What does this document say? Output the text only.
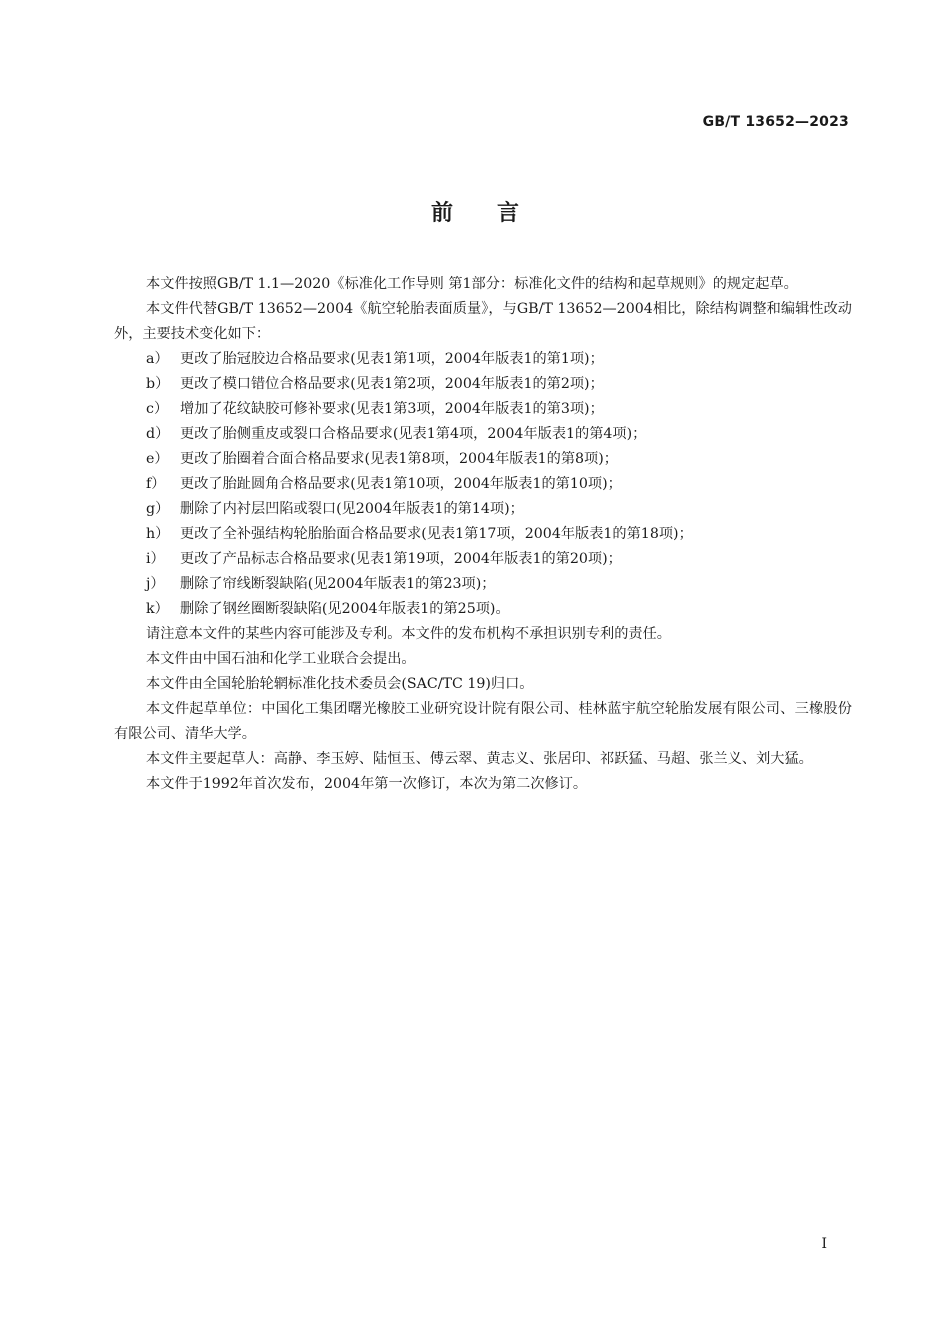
GB/T 13652—2023
前言

本文件按照GB/T 1.1—2020《标准化工作导则 第1部分：标准化文件的结构和起草规则》的规定起草。

本文件代替GB/T 13652—2004《航空轮胎表面质量》，与GB/T 13652—2004相比，除结构调整和编辑性改动外，主要技术变化如下：

a） 更改了胎冠胶边合格品要求(见表1第1项，2004年版表1的第1项)；

b） 更改了模口错位合格品要求(见表1第2项，2004年版表1的第2项)；

c） 增加了花纹缺胶可修补要求(见表1第3项，2004年版表1的第3项)；

d） 更改了胎侧重皮或裂口合格品要求(见表1第4项，2004年版表1的第4项)；

e） 更改了胎圈着合面合格品要求(见表1第8项，2004年版表1的第8项)；

f） 更改了胎趾圆角合格品要求(见表1第10项，2004年版表1的第10项)；

g） 删除了内衬层凹陷或裂口(见2004年版表1的第14项)；

h） 更改了全补强结构轮胎胎面合格品要求(见表1第17项，2004年版表1的第18项)；

i） 更改了产品标志合格品要求(见表1第19项，2004年版表1的第20项)；

j） 删除了帘线断裂缺陷(见2004年版表1的第23项)；

k） 删除了钢丝圈断裂缺陷(见2004年版表1的第25项)。

请注意本文件的某些内容可能涉及专利。本文件的发布机构不承担识别专利的责任。

本文件由中国石油和化学工业联合会提出。

本文件由全国轮胎轮辋标准化技术委员会(SAC/TC 19)归口。

本文件起草单位：中国化工集团曙光橡胶工业研究设计院有限公司、桂林蓝宇航空轮胎发展有限公司、三橡股份有限公司、清华大学。

本文件主要起草人：高静、李玉婷、陆恒玉、傅云翠、黄志义、张居印、祁跃猛、马超、张兰义、刘大猛。

本文件于1992年首次发布，2004年第一次修订，本次为第二次修订。

I
